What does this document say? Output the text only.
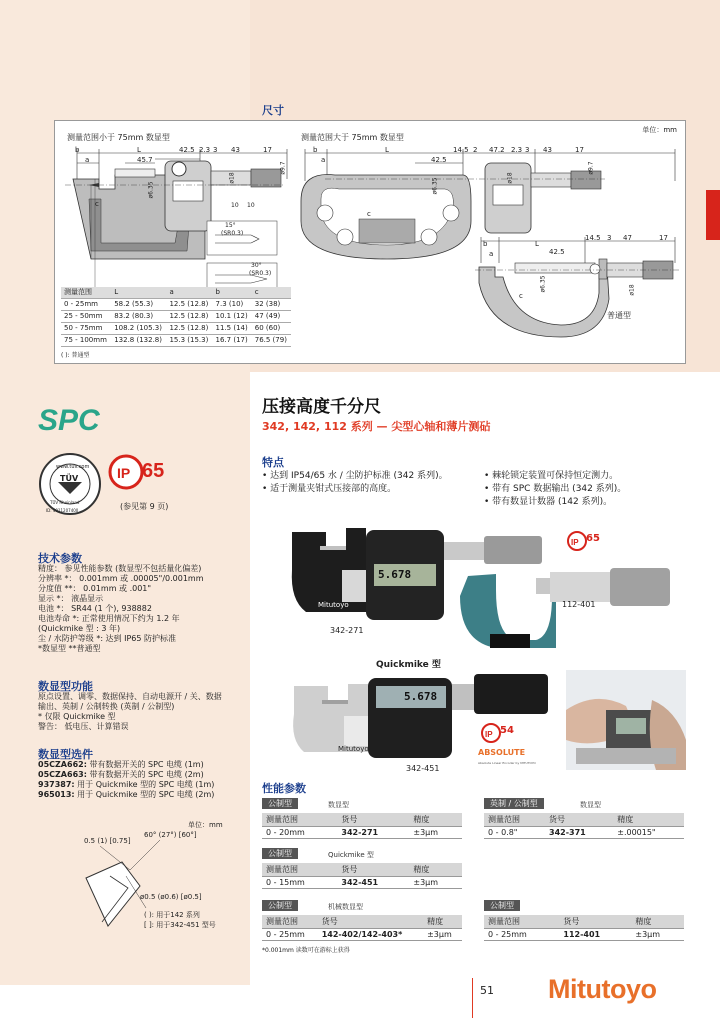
尺寸
单位：mm
测量范围小于 75mm 数显型	测量范围大于 75mm 数显型
b	L
45.7
42.5 2.3 3 43	17
a
ø6.35
ø18
ø9.7
c	10 10
15°
(SR0.3)
30°
(SR0.3)
b	L
42.5
14.5 2 47.2 2.3 3 43	17
a
ø6.35	ø18
ø9.7
c
b	L
42.5
14.5 3 47	17
a
ø6.35	ø18
c
普通型
测量范围	L	a	b	c
0 - 25mm	58.2 (55.3)	12.5 (12.8)	7.3 (10)	32 (38)
25 - 50mm	83.2 (80.3)	12.5 (12.8)	10.1 (12)	47 (49)
50 - 75mm	108.2 (105.3)	12.5 (12.8)	11.5 (14)	60 (60)
75 - 100mm	132.8 (132.8)	15.3 (15.3)	16.7 (17)	76.5 (79)
( ): 普通型
SPC
www.tuv.com
TÜV
TÜV Rheinland
ID: 4011207400
IP 65
(参见第 9 页)
技术参数
精度： 参见性能参数 (数显型不包括量化偏差)
分辨率 *： 0.001mm 或 .00005"/0.001mm
分度值 **： 0.01mm 或 .001"
显示 *： 液晶显示
电池 *： SR44 (1 个), 938882
电池寿命 *: 正常使用情况下约为 1.2 年
(Quickmike 型 : 3 年)
尘 / 水防护等级 *: 达到 IP65 防护标准
*数显型 **普通型
数显型功能
原点设置、调零、数据保持、自动电源开 / 关、数据
输出、英制 / 公制转换 (英制 / 公制型)
* 仅限 Quickmike 型
警告： 低电压、计算错误
数显型选件
05CZA662: 带有数据开关的 SPC 电缆 (1m)
05CZA663: 带有数据开关的 SPC 电缆 (2m)
937387: 用于 Quickmike 型的 SPC 电缆 (1m)
965013: 用于 Quickmike 型的 SPC 电缆 (2m)
单位：mm
0.5 (1) [0.75]
60° (27°) [60°]
ø0.5 (ø0.6) [ø0.5]
( ): 用于142 系列
[ ]: 用于342-451 型号
压接高度千分尺
342, 142, 112 系列 — 尖型心轴和薄片测砧
特点
• 达到 IP54/65 水 / 尘防护标准 (342 系列)。
• 适于测量夹钳式压接部的高度。
• 棘轮锁定装置可保持恒定测力。
• 带有 SPC 数据输出 (342 系列)。
• 带有数显计数器 (142 系列)。
5.678
Mitutoyo
342-271
IP 65
112-401
Quickmike 型
5.678
Mitutoyo
342-451
IP 54
ABSOLUTE
Absolute Linear Encoder by MITUTOYO
性能参数
公制型	数显型
测量范围	货号	精度
0 - 20mm	342-271	±3µm
公制型	Quickmike 型
测量范围	货号	精度
0 - 15mm	342-451	±3µm
公制型	机械数显型
测量范围	货号	精度
0 - 25mm	142-402/142-403*	±3µm
*0.001mm 读数可在游标上获得
英制 / 公制型	数显型
测量范围	货号	精度
0 - 0.8"	342-371	±.00015"
公制型
测量范围	货号	精度
0 - 25mm	112-401	±3µm
51 Mitutoyo
